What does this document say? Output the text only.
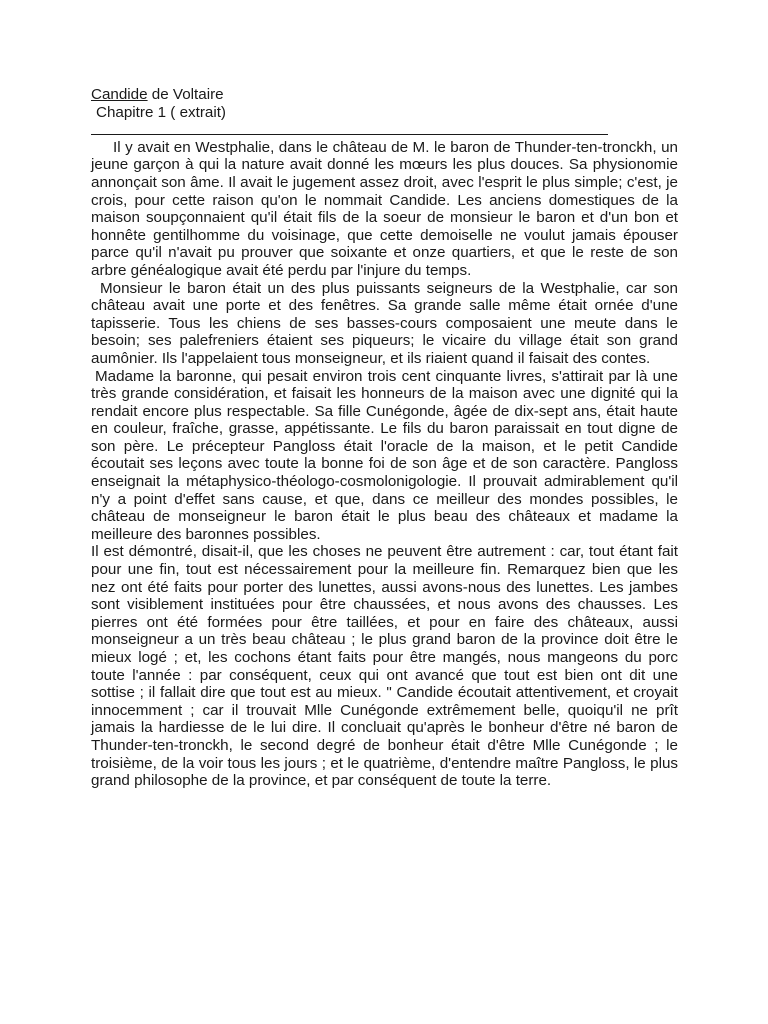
Candide de Voltaire
Chapitre 1 ( extrait)

Il y avait en Westphalie, dans le château de M. le baron de Thunder-ten-tronckh, un jeune garçon à qui la nature avait donné les mœurs les plus douces. Sa physionomie annonçait son âme. Il avait le jugement assez droit, avec l'esprit le plus simple; c'est, je crois, pour cette raison qu'on le nommait Candide. Les anciens domestiques de la maison soupçonnaient qu'il était fils de la soeur de monsieur le baron et d'un bon et honnête gentilhomme du voisinage, que cette demoiselle ne voulut jamais épouser parce qu'il n'avait pu prouver que soixante et onze quartiers, et que le reste de son arbre généalogique avait été perdu par l'injure du temps.

Monsieur le baron était un des plus puissants seigneurs de la Westphalie, car son château avait une porte et des fenêtres. Sa grande salle même était ornée d'une tapisserie. Tous les chiens de ses basses-cours composaient une meute dans le besoin; ses palefreniers étaient ses piqueurs; le vicaire du village était son grand aumônier. Ils l'appelaient tous monseigneur, et ils riaient quand il faisait des contes.

Madame la baronne, qui pesait environ trois cent cinquante livres, s'attirait par là une très grande considération, et faisait les honneurs de la maison avec une dignité qui la rendait encore plus respectable. Sa fille Cunégonde, âgée de dix-sept ans, était haute en couleur, fraîche, grasse, appétissante. Le fils du baron paraissait en tout digne de son père. Le précepteur Pangloss était l'oracle de la maison, et le petit Candide écoutait ses leçons avec toute la bonne foi de son âge et de son caractère. Pangloss enseignait la métaphysico-théologo-cosmolonigologie. Il prouvait admirablement qu'il n'y a point d'effet sans cause, et que, dans ce meilleur des mondes possibles, le château de monseigneur le baron était le plus beau des châteaux et madame la meilleure des baronnes possibles.

Il est démontré, disait-il, que les choses ne peuvent être autrement : car, tout étant fait pour une fin, tout est nécessairement pour la meilleure fin. Remarquez bien que les nez ont été faits pour porter des lunettes, aussi avons-nous des lunettes. Les jambes sont visiblement instituées pour être chaussées, et nous avons des chausses. Les pierres ont été formées pour être taillées, et pour en faire des châteaux, aussi monseigneur a un très beau château ; le plus grand baron de la province doit être le mieux logé ; et, les cochons étant faits pour être mangés, nous mangeons du porc toute l'année : par conséquent, ceux qui ont avancé que tout est bien ont dit une sottise ; il fallait dire que tout est au mieux. " Candide écoutait attentivement, et croyait innocemment ; car il trouvait Mlle Cunégonde extrêmement belle, quoiqu'il ne prît jamais la hardiesse de le lui dire. Il concluait qu'après le bonheur d'être né baron de Thunder-ten-tronckh, le second degré de bonheur était d'être Mlle Cunégonde ; le troisième, de la voir tous les jours ; et le quatrième, d'entendre maître Pangloss, le plus grand philosophe de la province, et par conséquent de toute la terre.
